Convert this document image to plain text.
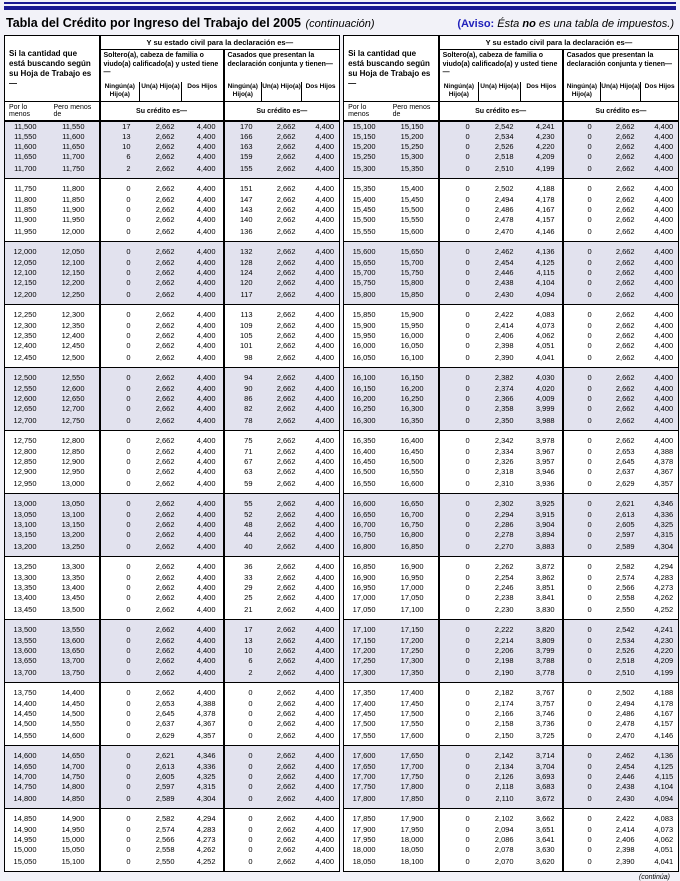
Tabla del Crédito por Ingreso del Trabajo del 2005 (continuación)	(Aviso: Ésta no es una tabla de impuestos.)
Si la cantidad que está buscando según su Hoja de Trabajo es—		Y su estado civil para la declaración es—					
		Soltero(a), cabeza de familia o viudo(a) calificado(a) y usted tiene—			Casados que presentan la declaración conjunta y tienen—		
		Ningún(a) Hijo(a)	Un(a) Hijo(a)	Dos Hijos	Ningún(a) Hijo(a)	Un(a) Hijo(a)	Dos Hijos
Por lo menos	Pero menos de	Su crédito es—			Su crédito es—		
11,500	11,550	17	2,662	4,400	170	2,662	4,400
11,550	11,600	13	2,662	4,400	166	2,662	4,400
11,600	11,650	10	2,662	4,400	163	2,662	4,400
11,650	11,700	6	2,662	4,400	159	2,662	4,400
11,700	11,750	2	2,662	4,400	155	2,662	4,400
11,750	11,800	0	2,662	4,400	151	2,662	4,400
11,800	11,850	0	2,662	4,400	147	2,662	4,400
11,850	11,900	0	2,662	4,400	143	2,662	4,400
11,900	11,950	0	2,662	4,400	140	2,662	4,400
11,950	12,000	0	2,662	4,400	136	2,662	4,400
12,000	12,050	0	2,662	4,400	132	2,662	4,400
12,050	12,100	0	2,662	4,400	128	2,662	4,400
12,100	12,150	0	2,662	4,400	124	2,662	4,400
12,150	12,200	0	2,662	4,400	120	2,662	4,400
12,200	12,250	0	2,662	4,400	117	2,662	4,400
12,250	12,300	0	2,662	4,400	113	2,662	4,400
12,300	12,350	0	2,662	4,400	109	2,662	4,400
12,350	12,400	0	2,662	4,400	105	2,662	4,400
12,400	12,450	0	2,662	4,400	101	2,662	4,400
12,450	12,500	0	2,662	4,400	98	2,662	4,400
12,500	12,550	0	2,662	4,400	94	2,662	4,400
12,550	12,600	0	2,662	4,400	90	2,662	4,400
12,600	12,650	0	2,662	4,400	86	2,662	4,400
12,650	12,700	0	2,662	4,400	82	2,662	4,400
12,700	12,750	0	2,662	4,400	78	2,662	4,400
12,750	12,800	0	2,662	4,400	75	2,662	4,400
12,800	12,850	0	2,662	4,400	71	2,662	4,400
12,850	12,900	0	2,662	4,400	67	2,662	4,400
12,900	12,950	0	2,662	4,400	63	2,662	4,400
12,950	13,000	0	2,662	4,400	59	2,662	4,400
13,000	13,050	0	2,662	4,400	55	2,662	4,400
13,050	13,100	0	2,662	4,400	52	2,662	4,400
13,100	13,150	0	2,662	4,400	48	2,662	4,400
13,150	13,200	0	2,662	4,400	44	2,662	4,400
13,200	13,250	0	2,662	4,400	40	2,662	4,400
13,250	13,300	0	2,662	4,400	36	2,662	4,400
13,300	13,350	0	2,662	4,400	33	2,662	4,400
13,350	13,400	0	2,662	4,400	29	2,662	4,400
13,400	13,450	0	2,662	4,400	25	2,662	4,400
13,450	13,500	0	2,662	4,400	21	2,662	4,400
13,500	13,550	0	2,662	4,400	17	2,662	4,400
13,550	13,600	0	2,662	4,400	13	2,662	4,400
13,600	13,650	0	2,662	4,400	10	2,662	4,400
13,650	13,700	0	2,662	4,400	6	2,662	4,400
13,700	13,750	0	2,662	4,400	2	2,662	4,400
13,750	14,400	0	2,662	4,400	0	2,662	4,400
14,400	14,450	0	2,653	4,388	0	2,662	4,400
14,450	14,500	0	2,645	4,378	0	2,662	4,400
14,500	14,550	0	2,637	4,367	0	2,662	4,400
14,550	14,600	0	2,629	4,357	0	2,662	4,400
14,600	14,650	0	2,621	4,346	0	2,662	4,400
14,650	14,700	0	2,613	4,336	0	2,662	4,400
14,700	14,750	0	2,605	4,325	0	2,662	4,400
14,750	14,800	0	2,597	4,315	0	2,662	4,400
14,800	14,850	0	2,589	4,304	0	2,662	4,400
14,850	14,900	0	2,582	4,294	0	2,662	4,400
14,900	14,950	0	2,574	4,283	0	2,662	4,400
14,950	15,000	0	2,566	4,273	0	2,662	4,400
15,000	15,050	0	2,558	4,262	0	2,662	4,400
15,050	15,100	0	2,550	4,252	0	2,662	4,400
Si la cantidad que está buscando según su Hoja de Trabajo es—		Y su estado civil para la declaración es—					
		Soltero(a), cabeza de familia o viudo(a) calificado(a) y usted tiene—			Casados que presentan la declaración conjunta y tienen—		
		Ningún(a) Hijo(a)	Un(a) Hijo(a)	Dos Hijos	Ningún(a) Hijo(a)	Un(a) Hijo(a)	Dos Hijos
Por lo menos	Pero menos de	Su crédito es—			Su crédito es—		
15,100	15,150	0	2,542	4,241	0	2,662	4,400
15,150	15,200	0	2,534	4,230	0	2,662	4,400
15,200	15,250	0	2,526	4,220	0	2,662	4,400
15,250	15,300	0	2,518	4,209	0	2,662	4,400
15,300	15,350	0	2,510	4,199	0	2,662	4,400
15,350	15,400	0	2,502	4,188	0	2,662	4,400
15,400	15,450	0	2,494	4,178	0	2,662	4,400
15,450	15,500	0	2,486	4,167	0	2,662	4,400
15,500	15,550	0	2,478	4,157	0	2,662	4,400
15,550	15,600	0	2,470	4,146	0	2,662	4,400
15,600	15,650	0	2,462	4,136	0	2,662	4,400
15,650	15,700	0	2,454	4,125	0	2,662	4,400
15,700	15,750	0	2,446	4,115	0	2,662	4,400
15,750	15,800	0	2,438	4,104	0	2,662	4,400
15,800	15,850	0	2,430	4,094	0	2,662	4,400
15,850	15,900	0	2,422	4,083	0	2,662	4,400
15,900	15,950	0	2,414	4,073	0	2,662	4,400
15,950	16,000	0	2,406	4,062	0	2,662	4,400
16,000	16,050	0	2,398	4,051	0	2,662	4,400
16,050	16,100	0	2,390	4,041	0	2,662	4,400
16,100	16,150	0	2,382	4,030	0	2,662	4,400
16,150	16,200	0	2,374	4,020	0	2,662	4,400
16,200	16,250	0	2,366	4,009	0	2,662	4,400
16,250	16,300	0	2,358	3,999	0	2,662	4,400
16,300	16,350	0	2,350	3,988	0	2,662	4,400
16,350	16,400	0	2,342	3,978	0	2,662	4,400
16,400	16,450	0	2,334	3,967	0	2,653	4,388
16,450	16,500	0	2,326	3,957	0	2,645	4,378
16,500	16,550	0	2,318	3,946	0	2,637	4,367
16,550	16,600	0	2,310	3,936	0	2,629	4,357
16,600	16,650	0	2,302	3,925	0	2,621	4,346
16,650	16,700	0	2,294	3,915	0	2,613	4,336
16,700	16,750	0	2,286	3,904	0	2,605	4,325
16,750	16,800	0	2,278	3,894	0	2,597	4,315
16,800	16,850	0	2,270	3,883	0	2,589	4,304
16,850	16,900	0	2,262	3,872	0	2,582	4,294
16,900	16,950	0	2,254	3,862	0	2,574	4,283
16,950	17,000	0	2,246	3,851	0	2,566	4,273
17,000	17,050	0	2,238	3,841	0	2,558	4,262
17,050	17,100	0	2,230	3,830	0	2,550	4,252
17,100	17,150	0	2,222	3,820	0	2,542	4,241
17,150	17,200	0	2,214	3,809	0	2,534	4,230
17,200	17,250	0	2,206	3,799	0	2,526	4,220
17,250	17,300	0	2,198	3,788	0	2,518	4,209
17,300	17,350	0	2,190	3,778	0	2,510	4,199
17,350	17,400	0	2,182	3,767	0	2,502	4,188
17,400	17,450	0	2,174	3,757	0	2,494	4,178
17,450	17,500	0	2,166	3,746	0	2,486	4,167
17,500	17,550	0	2,158	3,736	0	2,478	4,157
17,550	17,600	0	2,150	3,725	0	2,470	4,146
17,600	17,650	0	2,142	3,714	0	2,462	4,136
17,650	17,700	0	2,134	3,704	0	2,454	4,125
17,700	17,750	0	2,126	3,693	0	2,446	4,115
17,750	17,800	0	2,118	3,683	0	2,438	4,104
17,800	17,850	0	2,110	3,672	0	2,430	4,094
17,850	17,900	0	2,102	3,662	0	2,422	4,083
17,900	17,950	0	2,094	3,651	0	2,414	4,073
17,950	18,000	0	2,086	3,641	0	2,406	4,062
18,000	18,050	0	2,078	3,630	0	2,398	4,051
18,050	18,100	0	2,070	3,620	0	2,390	4,041
(continúa)
